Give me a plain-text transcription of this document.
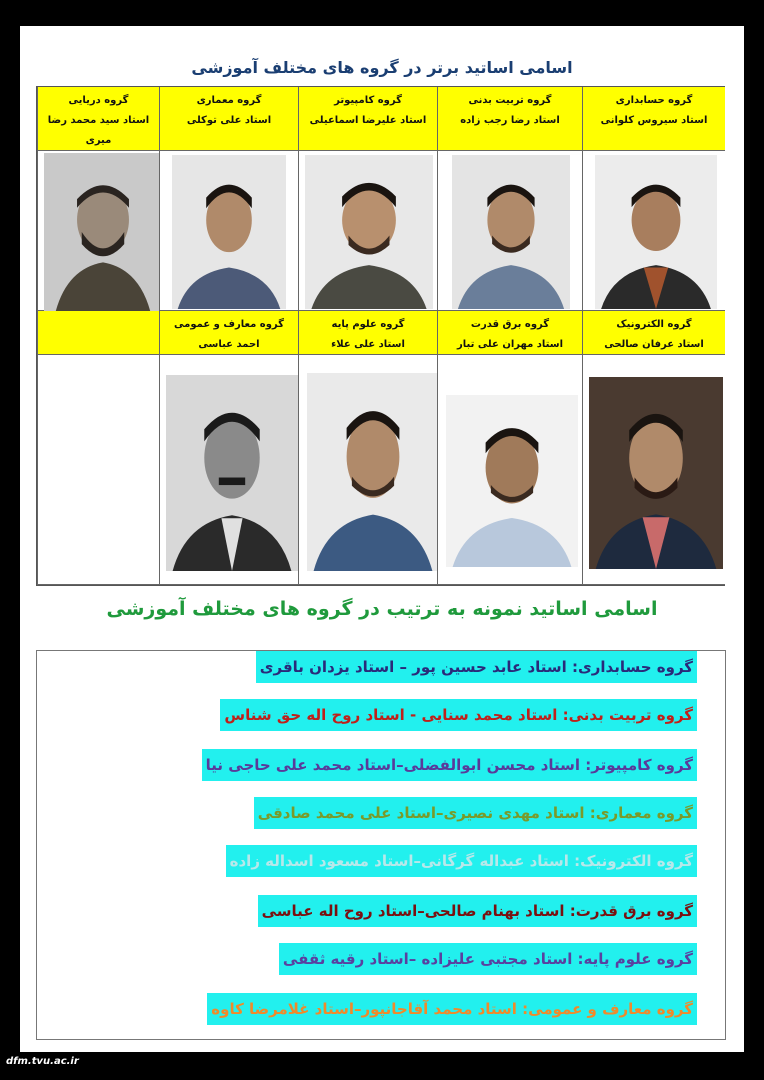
اسامی اساتید برتر در گروه های مختلف آموزشی
گروه دریایی
استاد سید محمد رضا
میری
گروه معماری
استاد علی توکلی
گروه کامپیوتر
استاد علیرضا اسماعیلی
گروه تربیت بدنی
استاد رضا رجب زاده
گروه حسابداری
استاد سیروس کلوانی
گروه معارف و عمومی
احمد عباسی
گروه علوم پایه
استاد علی علاء
گروه برق قدرت
استاد مهران علی تبار
گروه الکترونیک
استاد عرفان صالحی
اسامی اساتید نمونه به ترتیب در گروه های مختلف آموزشی
گروه حسابداری: استاد عابد حسین پور – استاد یزدان باقری
گروه تربیت بدنی: استاد محمد سنایی - استاد روح اله حق شناس
گروه کامپیوتر: استاد محسن ابوالفضلی–استاد محمد علی حاجی نیا
گروه معماری: استاد مهدی نصیری–استاد علی محمد صادقی
گروه الکترونیک: استاد عبداله گرگانی–استاد مسعود اسداله زاده
گروه برق قدرت: استاد بهنام صالحی–استاد روح اله عباسی
گروه علوم پایه: استاد مجتبی علیزاده –استاد رقیه ثقفی
گروه معارف و عمومی: استاد محمد آقاجانپور–استاد غلامرضا کاوه
dfm.tvu.ac.ir
